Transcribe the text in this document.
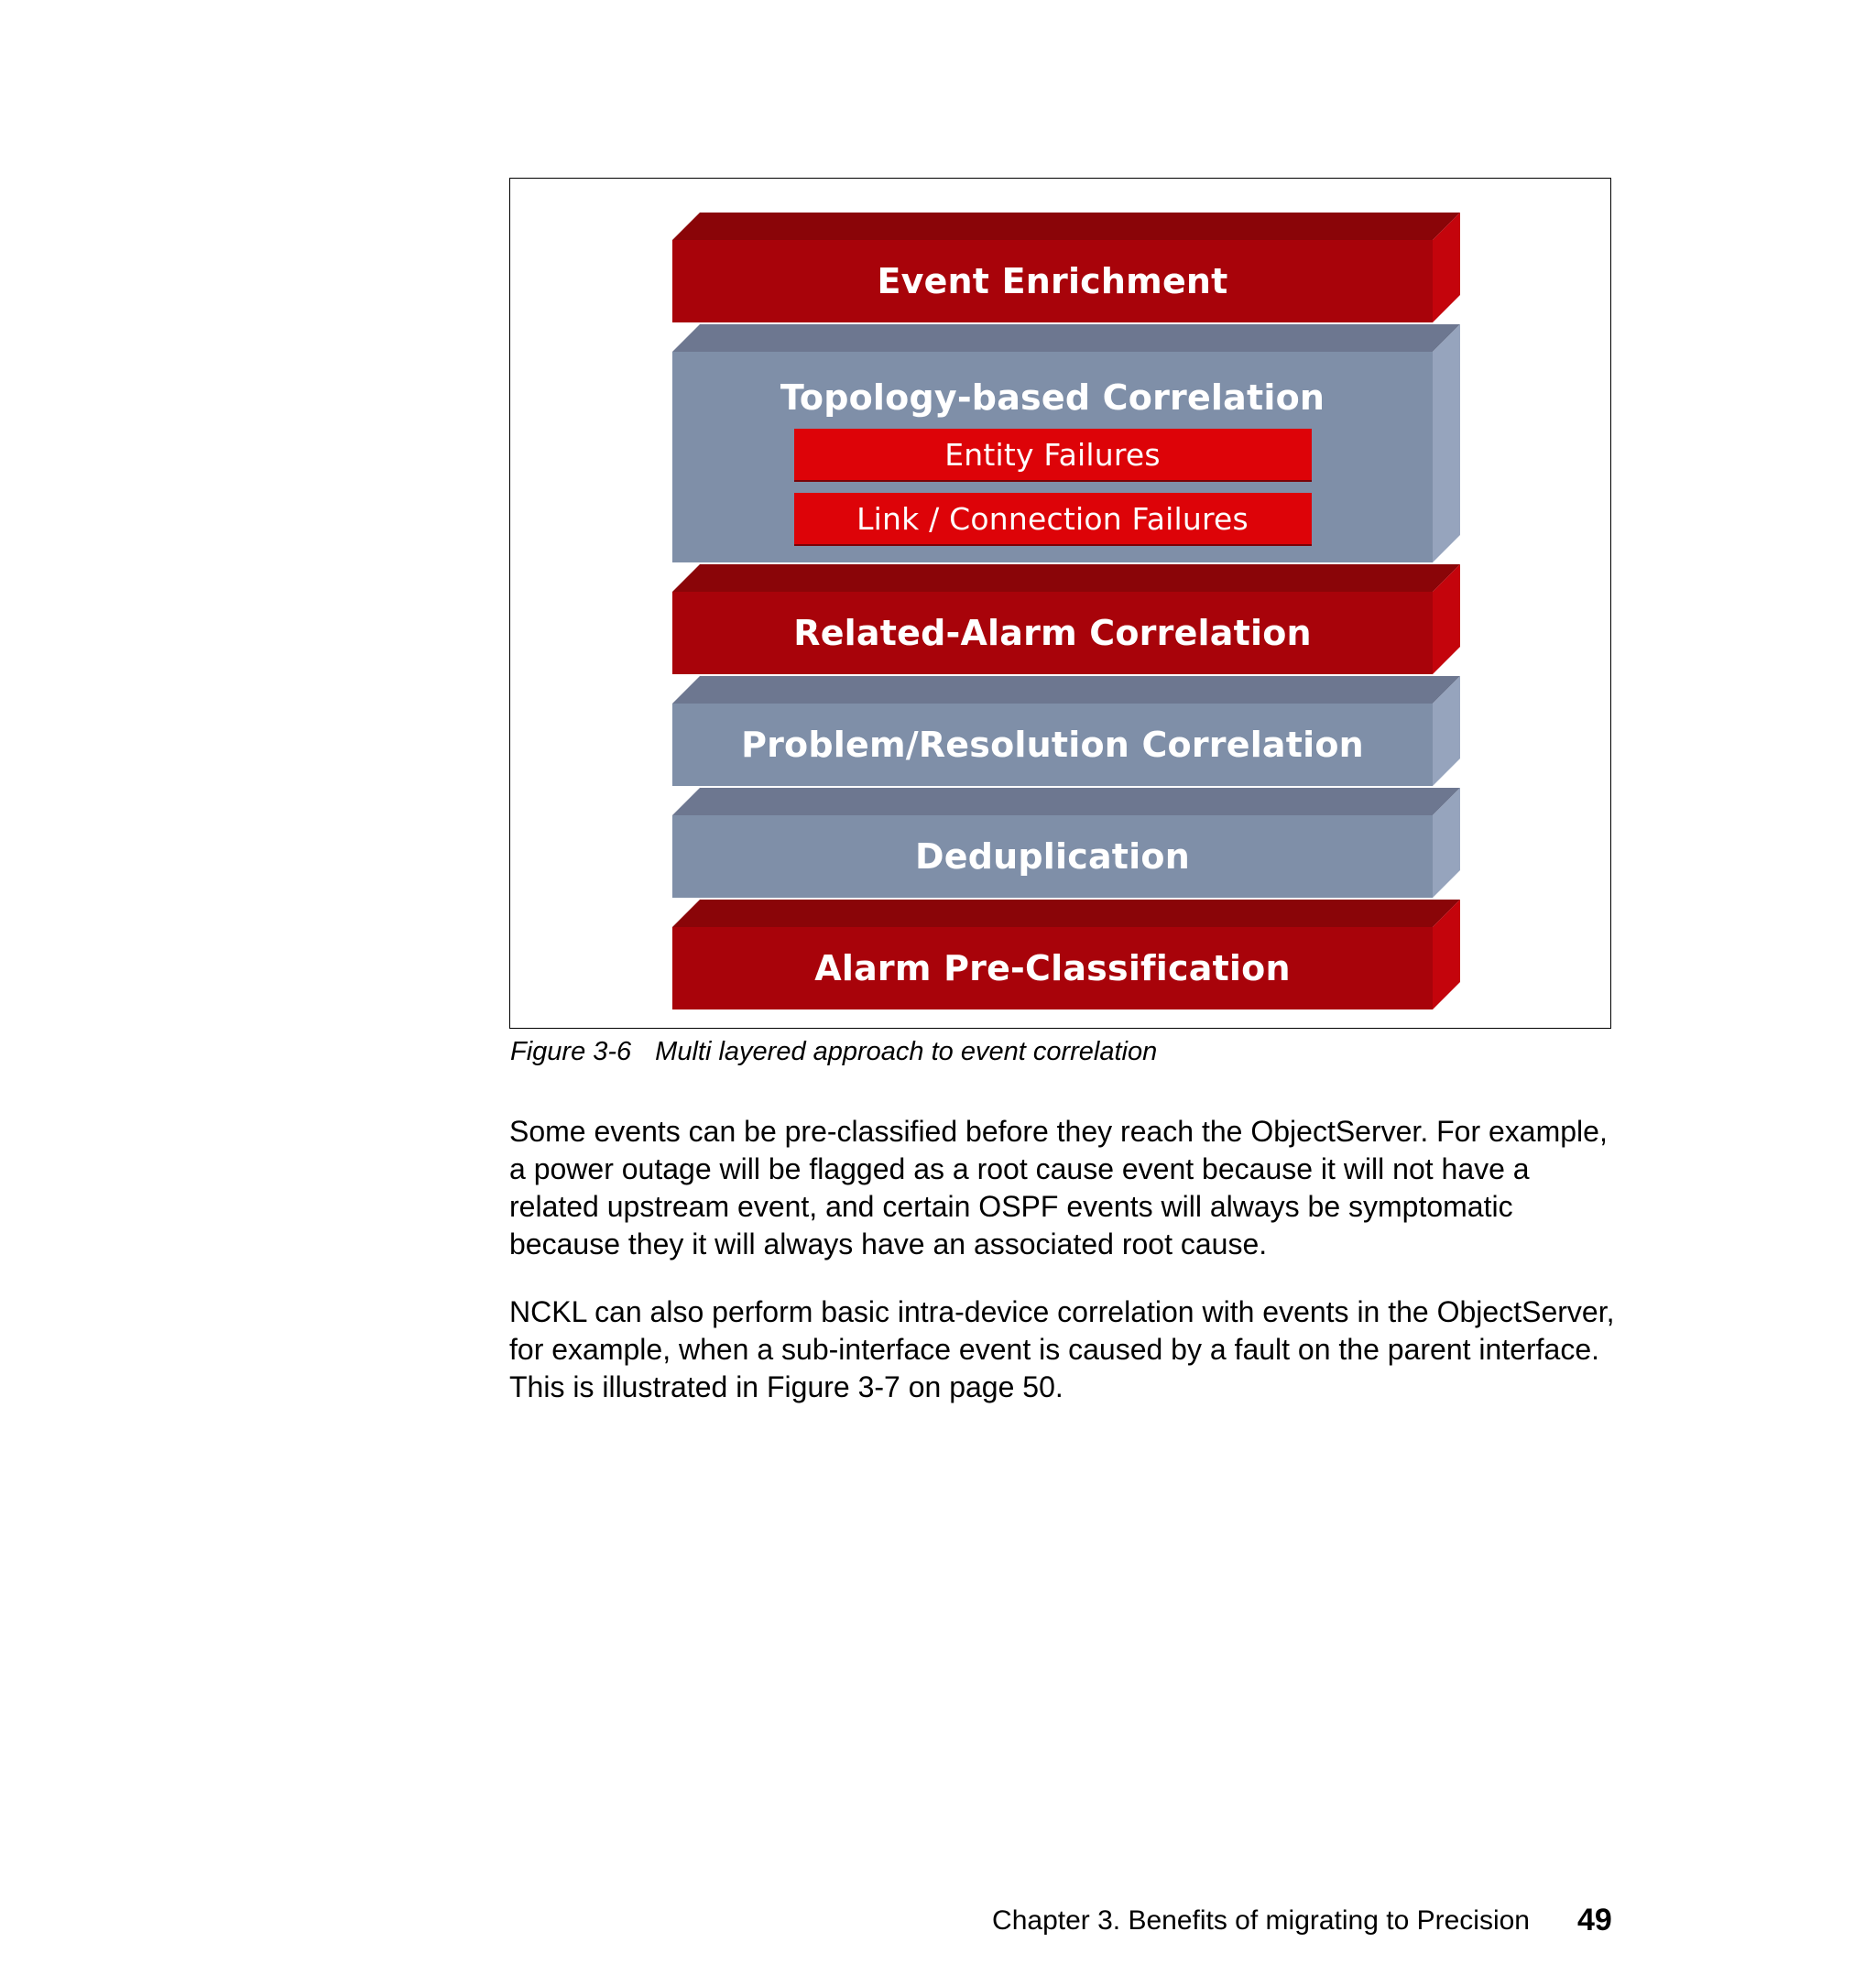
Event Enrichment
Topology-based Correlation
Entity Failures
Link / Connection Failures
Related-Alarm Correlation
Problem/Resolution Correlation
Deduplication
Alarm Pre-Classification
Figure 3-6 Multi layered approach to event correlation

Some events can be pre-classified before they reach the ObjectServer. For example, a power outage will be flagged as a root cause event because it will not have a related upstream event, and certain OSPF events will always be symptomatic because they it will always have an associated root cause.

NCKL can also perform basic intra-device correlation with events in the ObjectServer, for example, when a sub-interface event is caused by a fault on the parent interface. This is illustrated in Figure 3-7 on page 50.

Chapter 3. Benefits of migrating to Precision 49
